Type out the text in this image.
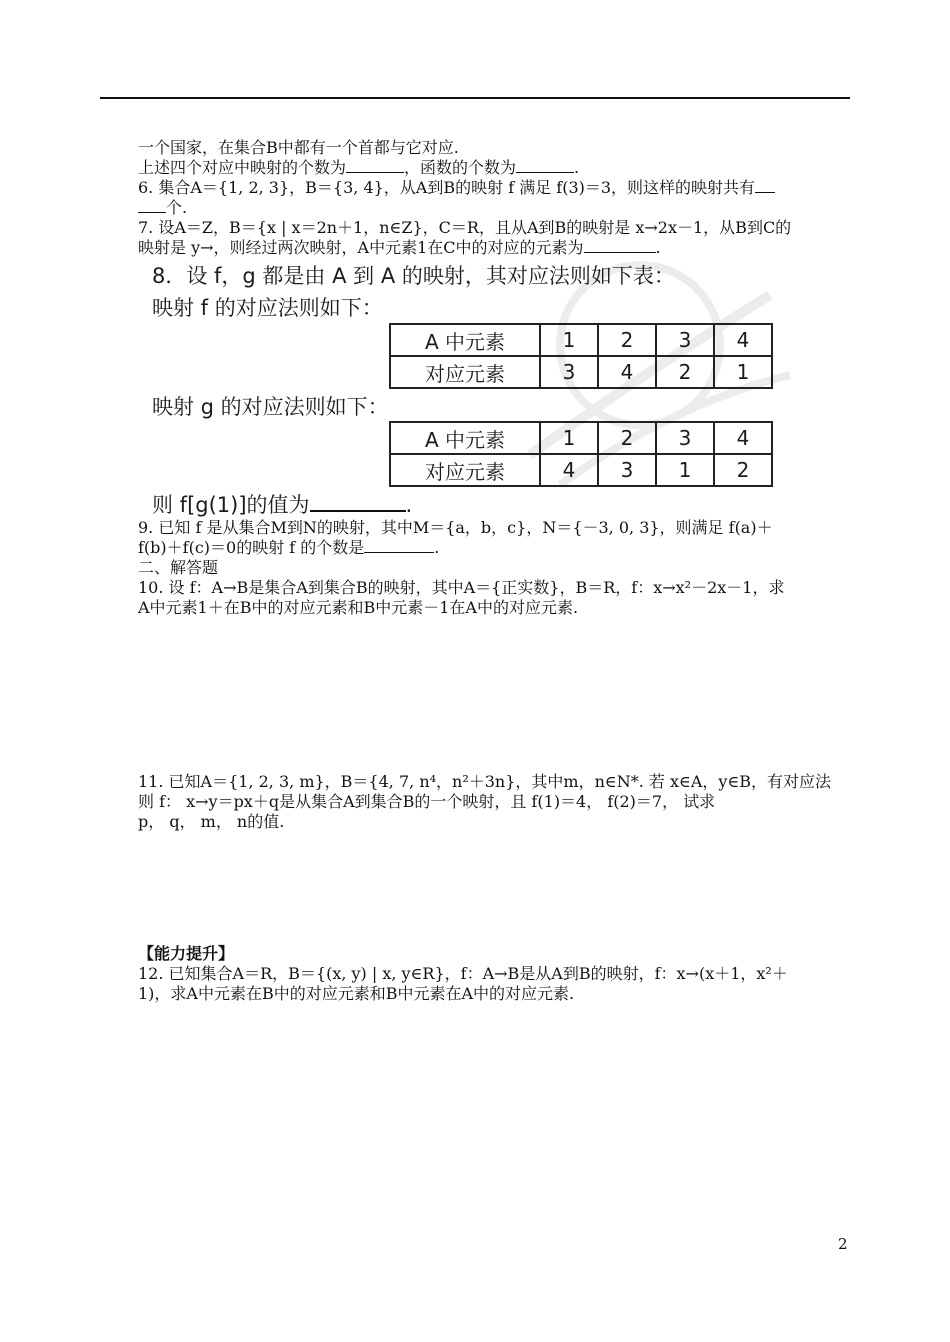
一个国家，在集合B中都有一个首都与它对应.
上述四个对应中映射的个数为	，函数的个数为	.
6. 集合A＝{1, 2, 3}，B＝{3, 4}，从A到B的映射 f 满足 f(3)＝3，则这样的映射共有
个.
7. 设A＝Z，B＝{x | x＝2n＋1，n∈Z}，C＝R，且从A到B的映射是 x→2x－1，从B到C的
映射是 y→，则经过两次映射，A中元素1在C中的对应的元素为	.
8．设 f，g 都是由 A 到 A 的映射，其对应法则如下表：
映射 f 的对应法则如下：
A 中元素	1	2	3	4
对应元素	3	4	2	1
映射 g 的对应法则如下：
A 中元素	1	2	3	4
对应元素	4	3	1	2
则 f[g(1)]的值为	.
9. 已知 f 是从集合M到N的映射，其中M＝{a，b，c}，N＝{－3, 0, 3}，则满足 f(a)＋
f(b)＋f(c)＝0的映射 f 的个数是	.
二、解答题
10. 设 f：A→B是集合A到集合B的映射，其中A＝{正实数}，B＝R，f：x→x²－2x－1，求
A中元素1＋在B中的对应元素和B中元素－1在A中的对应元素.
11. 已知A＝{1, 2, 3, m}，B＝{4, 7, n⁴，n²＋3n}，其中m，n∈N*. 若 x∈A，y∈B，有对应法
则 f： x→y＝px＋q是从集合A到集合B的一个映射，且 f(1)＝4， f(2)＝7， 试求
p， q， m， n的值.
【能力提升】
12. 已知集合A＝R，B＝{(x, y) | x, y∈R}，f：A→B是从A到B的映射，f：x→(x＋1，x²＋
1)，求A中元素在B中的对应元素和B中元素在A中的对应元素.
2
